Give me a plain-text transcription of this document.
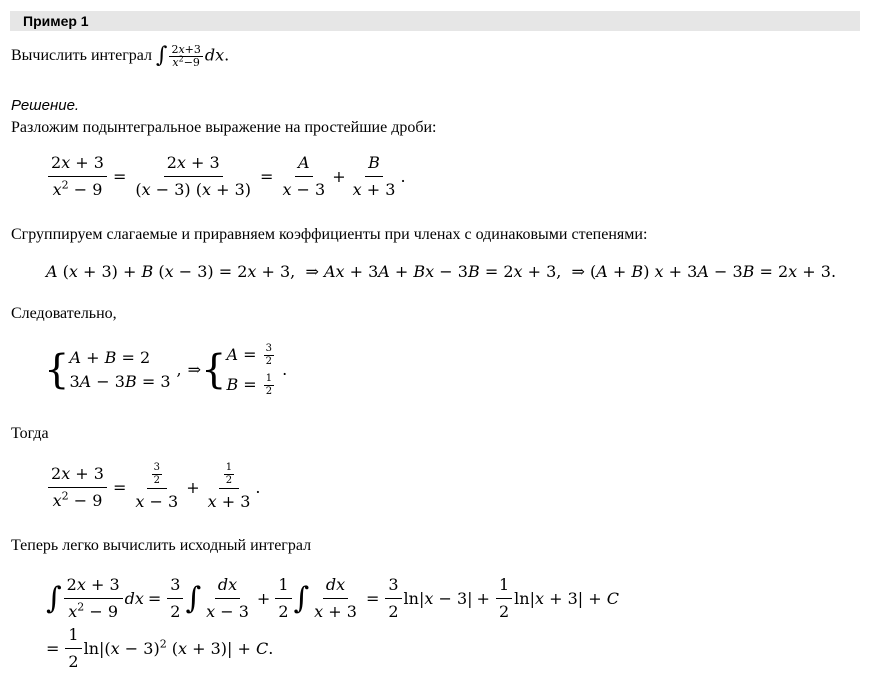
Пример 1
Вычислить интеграл ∫ $\frac{2x+3}{x^2-9}$ dx.
Решение.
Разложим подынтегральное выражение на простейшие дроби:
$\frac{2x + 3}{x^2 - 9} = \frac{2x + 3}{(x - 3) (x + 3)} = \frac{A}{x - 3} + \frac{B}{x + 3}$ .
Сгруппируем слагаемые и приравняем коэффициенты при членах с одинаковыми степенями:
A (x + 3) + B (x − 3) = 2x + 3,  ⇒ Ax + 3A + Bx − 3B = 2x + 3,  ⇒ (A + B) x + 3A − 3B = 2x + 3.
Следовательно,
{ A + B = 2
3A − 3B = 3
, ⇒ { $A = \frac{3}{2}$
$B = \frac{1}{2}$
.
Тогда
$\frac{2x + 3}{x^2 - 9} = \frac{\frac{3}{2}}{x - 3} + \frac{\frac{1}{2}}{x + 3}$ .
Теперь легко вычислить исходный интеграл
∫ $\frac{2x + 3}{x^2 - 9}$ dx = $\frac{3}{2}$ ∫ $\frac{dx}{x - 3} + \frac{1}{2}$ ∫ $\frac{dx}{x + 3} = \frac{3}{2} \ln|x - 3| + \frac{1}{2} \ln|x + 3| + C$
= $\frac{1}{2} \ln|(x - 3)^2$ (x + 3)| + C.
